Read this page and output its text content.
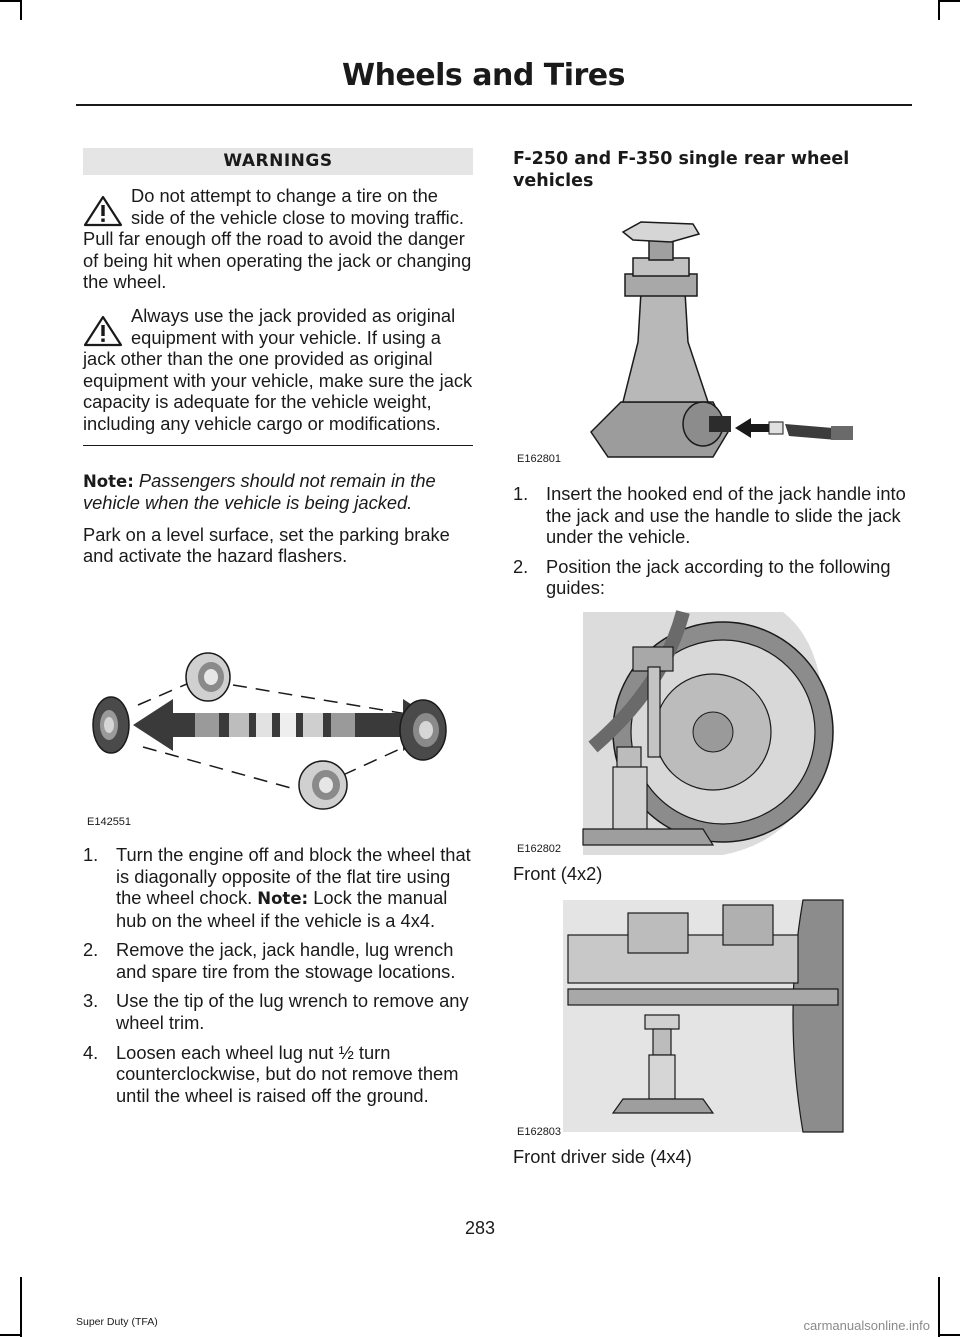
Wheels and Tires
WARNINGS
Do not attempt to change a tire on the side of the vehicle close to moving traffic. Pull far enough off the road to avoid the danger of being hit when operating the jack or changing the wheel.
Always use the jack provided as original equipment with your vehicle. If using a jack other than the one provided as original equipment with your vehicle, make sure the jack capacity is adequate for the vehicle weight, including any vehicle cargo or modifications.

Note: Passengers should not remain in the vehicle when the vehicle is being jacked.

Park on a level surface, set the parking brake and activate the hazard flashers.

E142551
1. Turn the engine off and block the wheel that is diagonally opposite of the flat tire using the wheel chock. Note: Lock the manual hub on the wheel if the vehicle is a 4x4.
2. Remove the jack, jack handle, lug wrench and spare tire from the stowage locations.
3. Use the tip of the lug wrench to remove any wheel trim.
4. Loosen each wheel lug nut ½ turn counterclockwise, but do not remove them until the wheel is raised off the ground.

F-250 and F-350 single rear wheel vehicles

E162801
1. Insert the hooked end of the jack handle into the jack and use the handle to slide the jack under the vehicle.
2. Position the jack according to the following guides:
E162802
Front (4x2)
E162803
Front driver side (4x4)
283
Super Duty (TFA)	carmanualsonline.info
